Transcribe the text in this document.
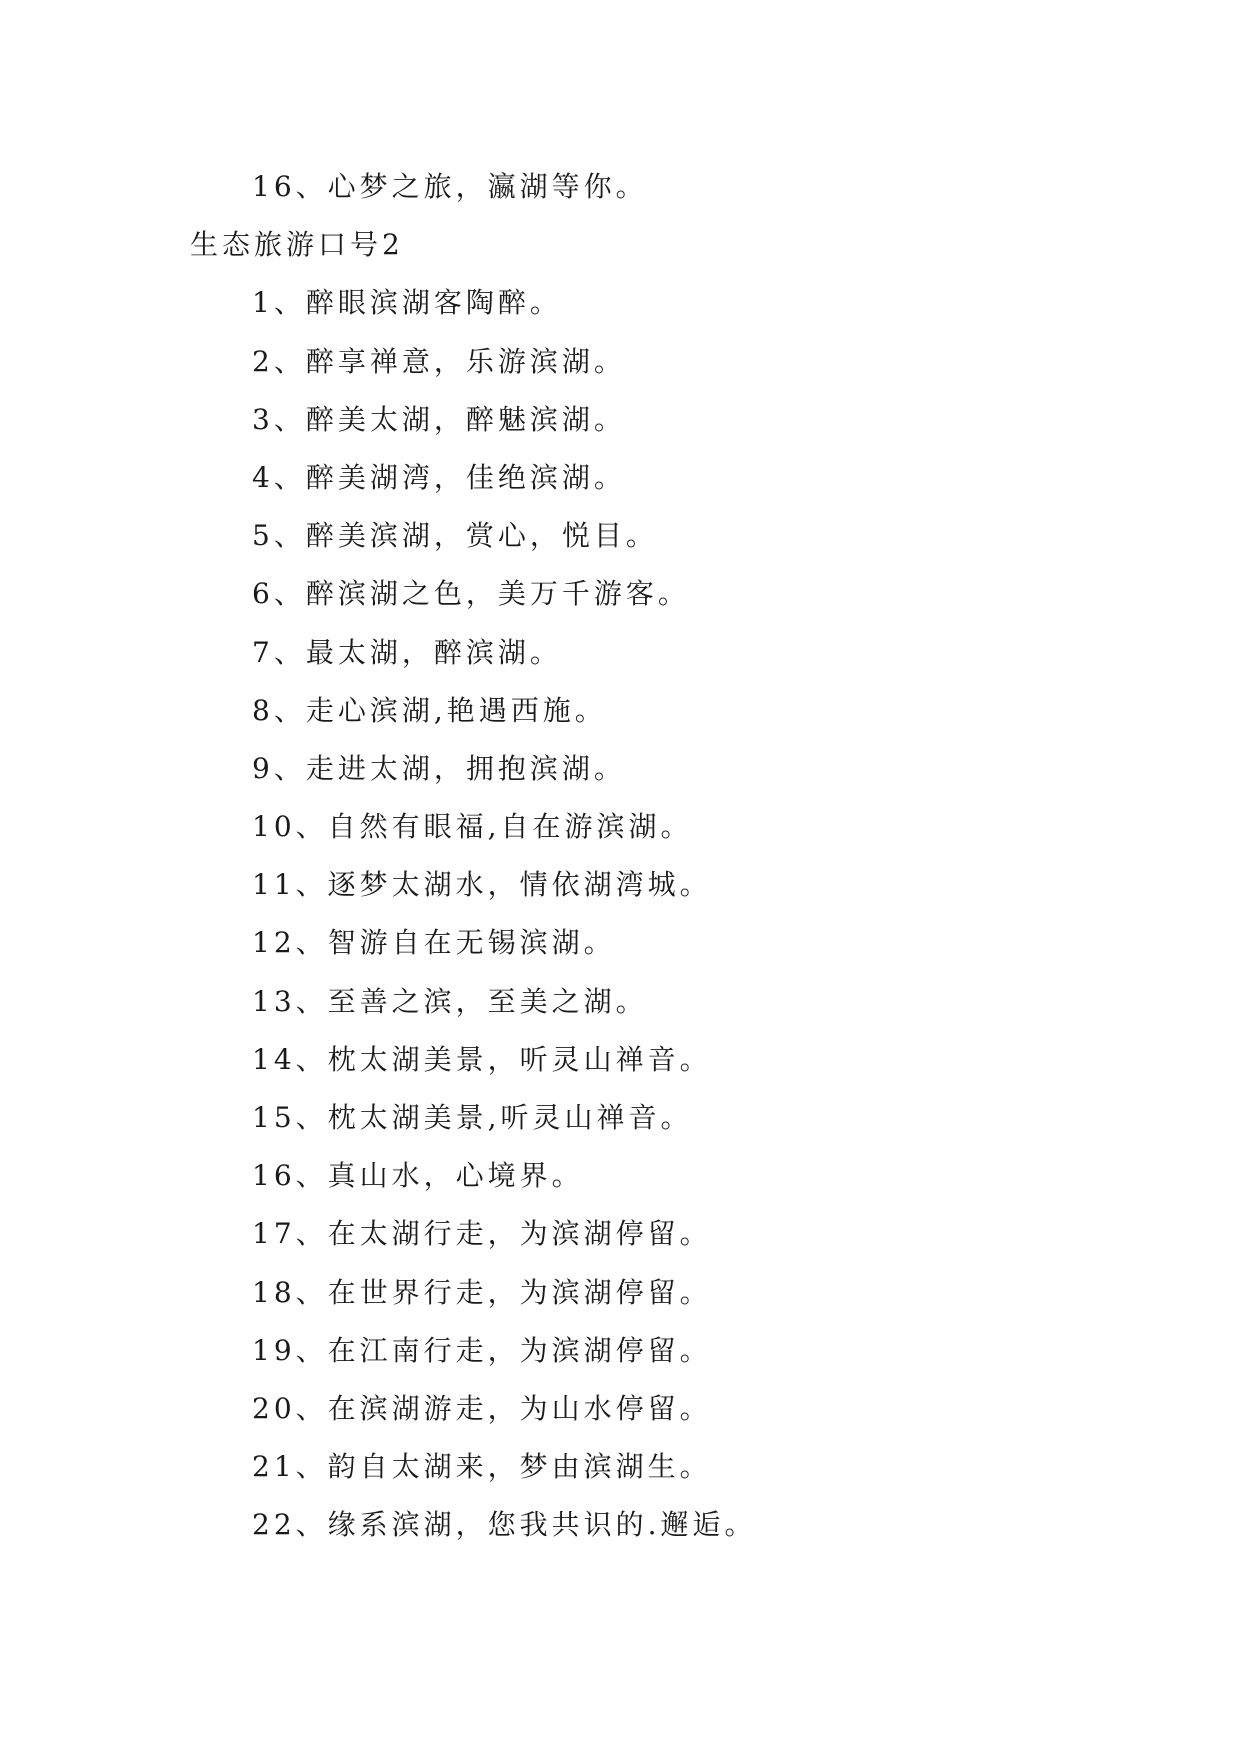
16、心梦之旅，瀛湖等你。
生态旅游口号2
1、醉眼滨湖客陶醉。
2、醉享禅意，乐游滨湖。
3、醉美太湖，醉魅滨湖。
4、醉美湖湾，佳绝滨湖。
5、醉美滨湖，赏心，悦目。
6、醉滨湖之色，美万千游客。
7、最太湖，醉滨湖。
8、走心滨湖,艳遇西施。
9、走进太湖，拥抱滨湖。
10、自然有眼福,自在游滨湖。
11、逐梦太湖水，情依湖湾城。
12、智游自在无锡滨湖。
13、至善之滨，至美之湖。
14、枕太湖美景，听灵山禅音。
15、枕太湖美景,听灵山禅音。
16、真山水，心境界。
17、在太湖行走，为滨湖停留。
18、在世界行走，为滨湖停留。
19、在江南行走，为滨湖停留。
20、在滨湖游走，为山水停留。
21、韵自太湖来，梦由滨湖生。
22、缘系滨湖，您我共识的.邂逅。
